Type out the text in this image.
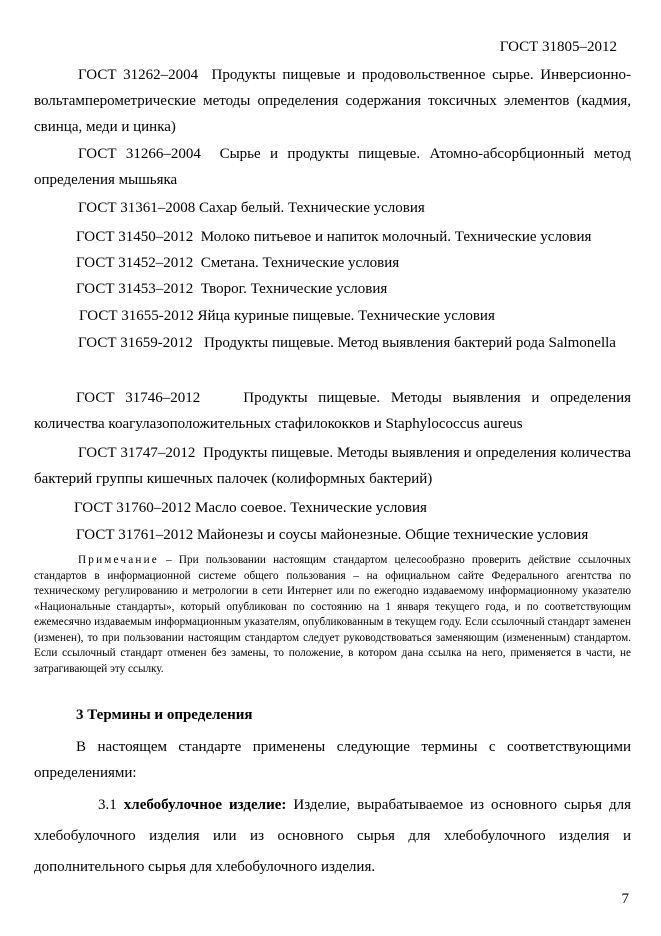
ГОСТ 31805–2012
ГОСТ 31262–2004 Продукты пищевые и продовольственное сырье. Инверсионно-вольтамперометрические методы определения содержания токсичных элементов (кадмия, свинца, меди и цинка)
ГОСТ 31266–2004 Сырье и продукты пищевые. Атомно-абсорбционный метод определения мышьяка
ГОСТ 31361–2008 Сахар белый. Технические условия
ГОСТ 31450–2012 Молоко питьевое и напиток молочный. Технические условия
ГОСТ 31452–2012 Сметана. Технические условия
ГОСТ 31453–2012 Творог. Технические условия
ГОСТ 31655-2012 Яйца куриные пищевые. Технические условия
ГОСТ 31659-2012 Продукты пищевые. Метод выявления бактерий рода Salmonella
ГОСТ 31746–2012	Продукты пищевые. Методы выявления и определения количества коагулазоположительных стафилококков и Staphylococcus aureus
ГОСТ 31747–2012 Продукты пищевые. Методы выявления и определения количества бактерий группы кишечных палочек (колиформных бактерий)
ГОСТ 31760–2012 Масло соевое. Технические условия
ГОСТ 31761–2012 Майонезы и соусы майонезные. Общие технические условия
Примечание – При пользовании настоящим стандартом целесообразно проверить действие ссылочных стандартов в информационной системе общего пользования – на официальном сайте Федерального агентства по техническому регулированию и метрологии в сети Интернет или по ежегодно издаваемому информационному указателю «Национальные стандарты», который опубликован по состоянию на 1 января текущего года, и по соответствующим ежемесячно издаваемым информационным указателям, опубликованным в текущем году. Если ссылочный стандарт заменен (изменен), то при пользовании настоящим стандартом следует руководствоваться заменяющим (измененным) стандартом. Если ссылочный стандарт отменен без замены, то положение, в котором дана ссылка на него, применяется в части, не затрагивающей эту ссылку.
3 Термины и определения
В настоящем стандарте применены следующие термины с соответствующими определениями:
3.1 хлебобулочное изделие: Изделие, вырабатываемое из основного сырья для хлебобулочного изделия или из основного сырья для хлебобулочного изделия и дополнительного сырья для хлебобулочного изделия.
7
